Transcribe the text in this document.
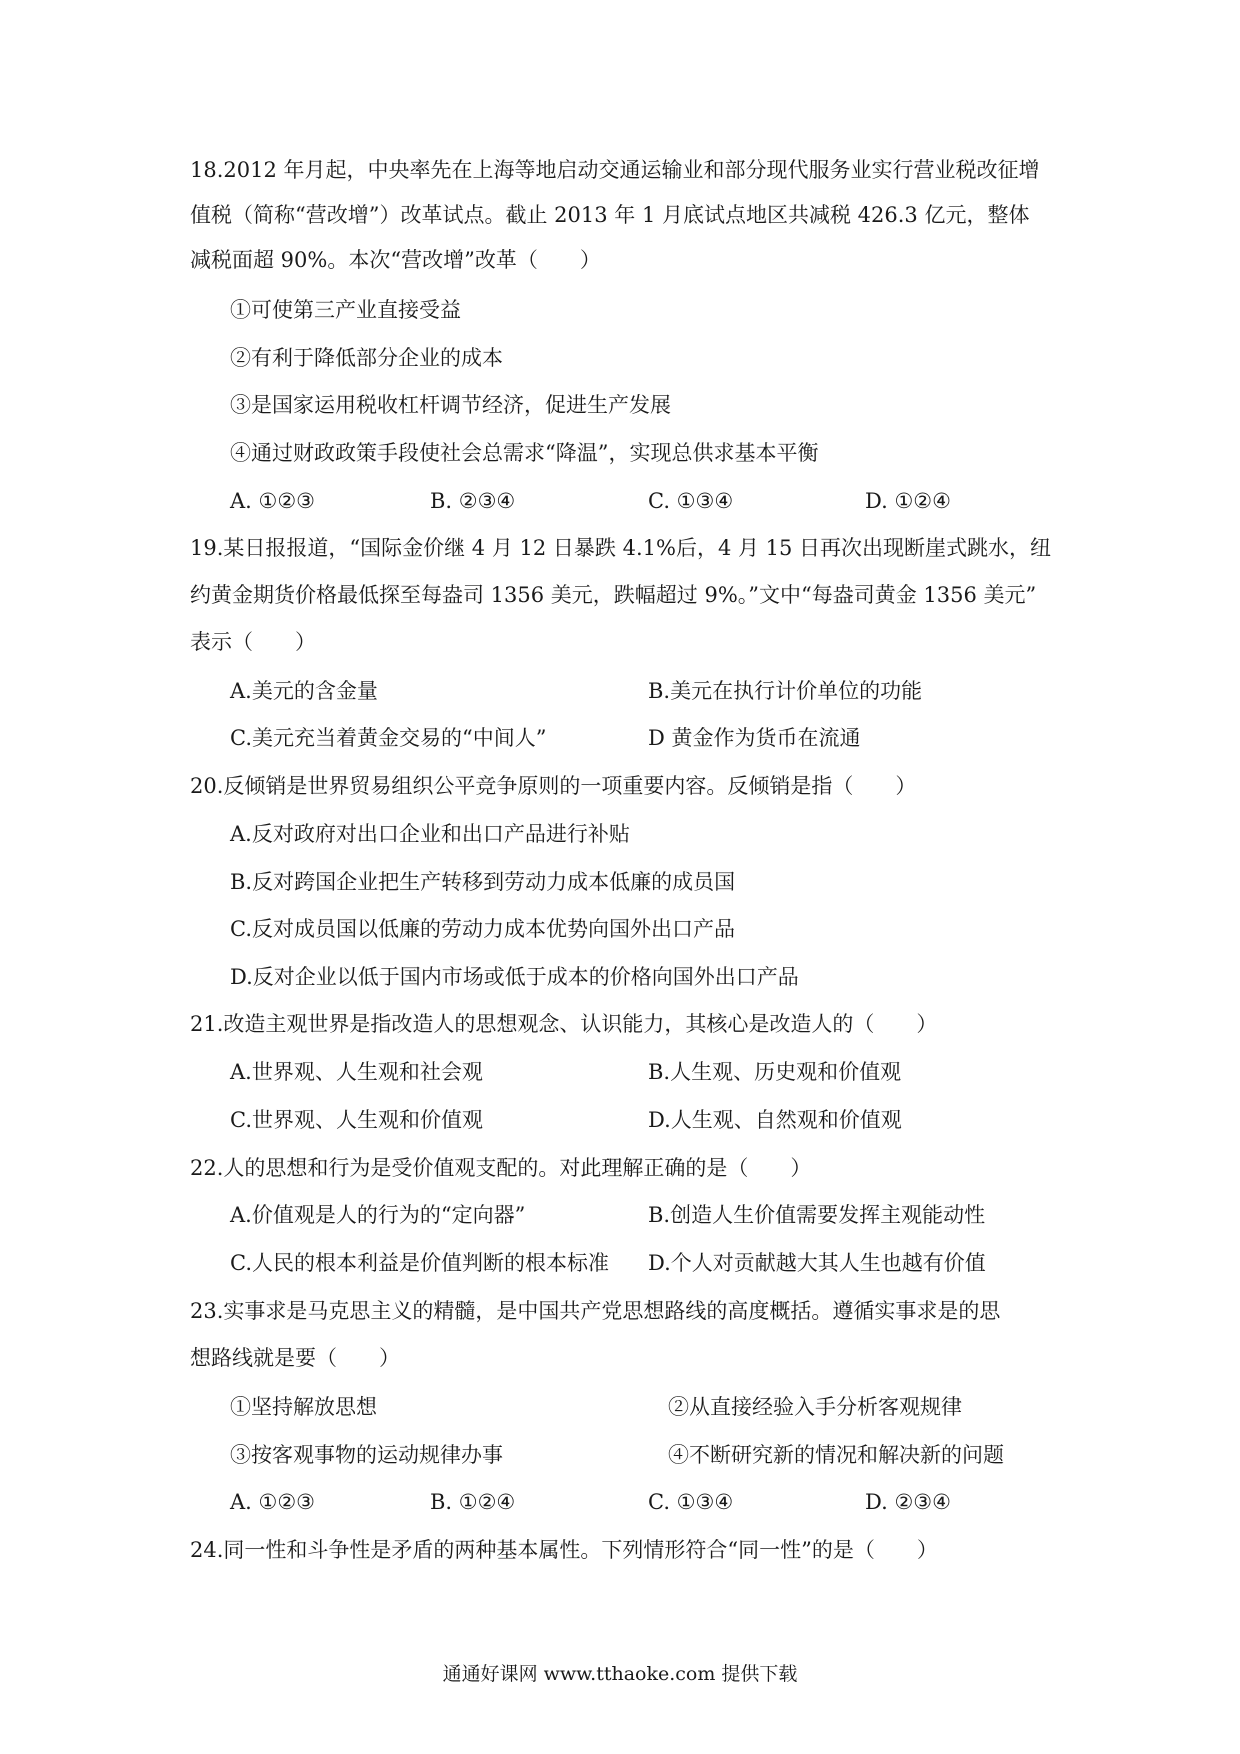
18.2012 年月起，中央率先在上海等地启动交通运输业和部分现代服务业实行营业税改征增
值税（简称“营改增”）改革试点。截止 2013 年 1 月底试点地区共减税 426.3 亿元，整体
减税面超 90%。本次“营改增”改革（　　）
①可使第三产业直接受益
②有利于降低部分企业的成本
③是国家运用税收杠杆调节经济，促进生产发展
④通过财政政策手段使社会总需求“降温”，实现总供求基本平衡
A. ①②③	B. ②③④	C. ①③④	D. ①②④
19.某日报报道，“国际金价继 4 月 12 日暴跌 4.1%后，4 月 15 日再次出现断崖式跳水，纽
约黄金期货价格最低探至每盎司 1356 美元，跌幅超过 9%。”文中“每盎司黄金 1356 美元”
表示（　　）
A.美元的含金量	B.美元在执行计价单位的功能
C.美元充当着黄金交易的“中间人”	D 黄金作为货币在流通
20.反倾销是世界贸易组织公平竞争原则的一项重要内容。反倾销是指（　　）
A.反对政府对出口企业和出口产品进行补贴
B.反对跨国企业把生产转移到劳动力成本低廉的成员国
C.反对成员国以低廉的劳动力成本优势向国外出口产品
D.反对企业以低于国内市场或低于成本的价格向国外出口产品
21.改造主观世界是指改造人的思想观念、认识能力，其核心是改造人的（　　）
A.世界观、人生观和社会观	B.人生观、历史观和价值观
C.世界观、人生观和价值观	D.人生观、自然观和价值观
22.人的思想和行为是受价值观支配的。对此理解正确的是（　　）
A.价值观是人的行为的“定向器”	B.创造人生价值需要发挥主观能动性
C.人民的根本利益是价值判断的根本标准 D.个人对贡献越大其人生也越有价值
23.实事求是马克思主义的精髓，是中国共产党思想路线的高度概括。遵循实事求是的思
想路线就是要（　　）
①坚持解放思想	②从直接经验入手分析客观规律
③按客观事物的运动规律办事	④不断研究新的情况和解决新的问题
A. ①②③	B. ①②④	C. ①③④	D. ②③④
24.同一性和斗争性是矛盾的两种基本属性。下列情形符合“同一性”的是（　　）
通通好课网 www.tthaoke.com 提供下载
